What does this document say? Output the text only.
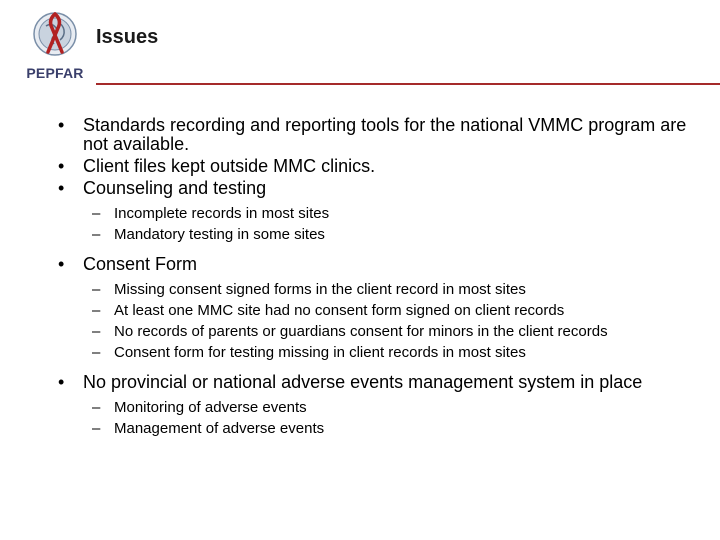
PEPFAR
Issues
•	Standards recording and reporting tools for the national VMMC program are not available.
•	Client files kept outside MMC clinics.
•	Counseling and testing
– Incomplete records in most sites
– Mandatory testing in some sites
•	Consent Form
– Missing consent signed forms in the client record in most sites
– At least one MMC site had no consent form signed on client records
– No records of parents or guardians consent for minors in the client records
– Consent form for testing missing in client records in most sites
•	No provincial or national adverse events management system in place
– Monitoring of adverse events
– Management of adverse events
